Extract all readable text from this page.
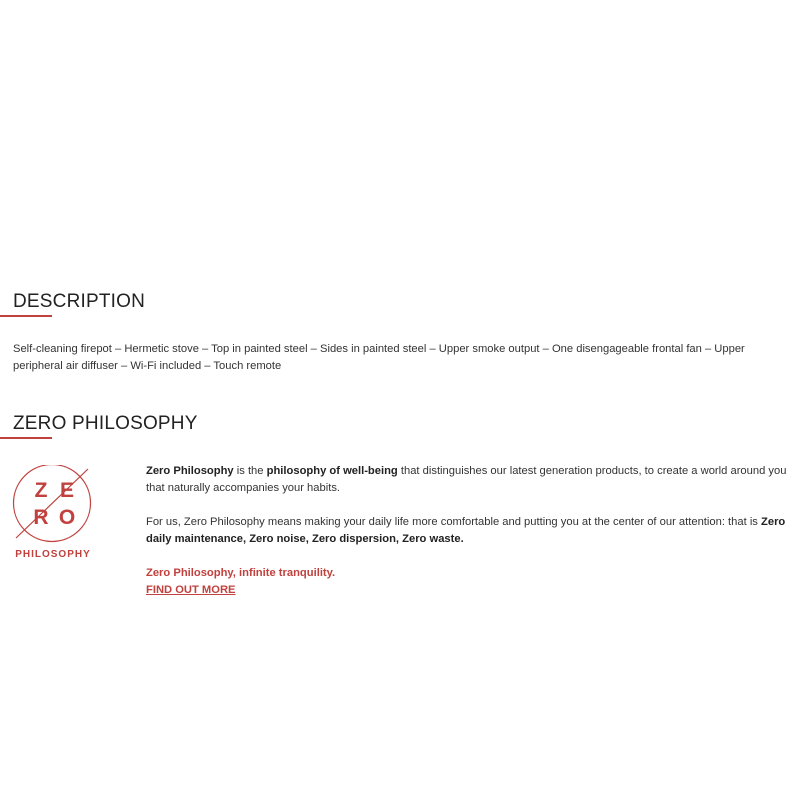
DESCRIPTION

Self-cleaning firepot – Hermetic stove – Top in painted steel – Sides in painted steel – Upper smoke output – One disengageable frontal fan – Upper peripheral air diffuser – Wi-Fi included – Touch remote

ZERO PHILOSOPHY
Z E
R O
PHILOSOPHY

Zero Philosophy is the philosophy of well-being that distinguishes our latest generation products, to create a world around you that naturally accompanies your habits.

For us, Zero Philosophy means making your daily life more comfortable and putting you at the center of our attention: that is Zero daily maintenance, Zero noise, Zero dispersion, Zero waste.

Zero Philosophy, infinite tranquility.
FIND OUT MORE
